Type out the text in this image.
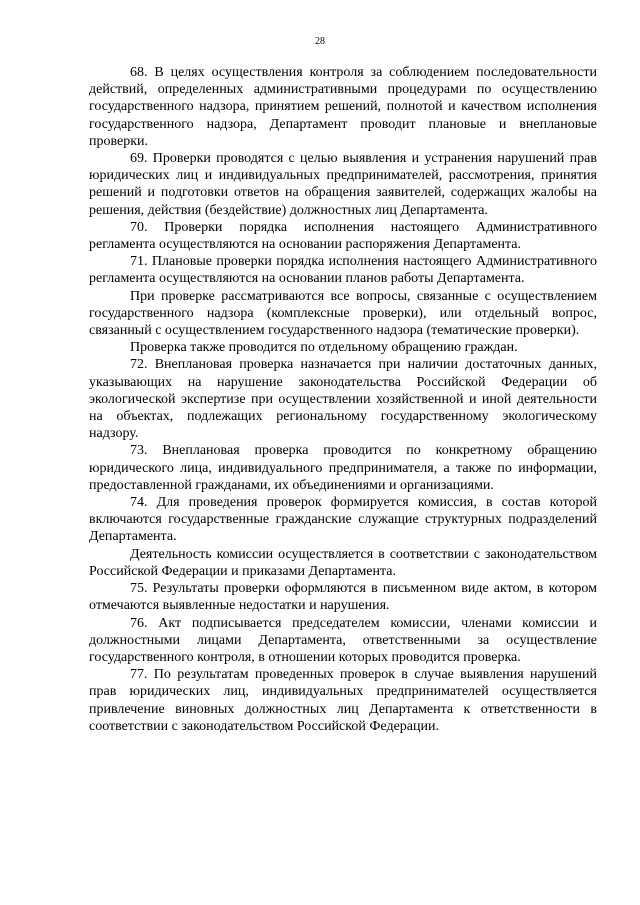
28

68. В целях осуществления контроля за соблюдением последовательности действий, определенных административными процедурами по осуществлению государственного надзора, принятием решений, полнотой и качеством исполнения государственного надзора, Департамент проводит плановые и внеплановые проверки.

69. Проверки проводятся с целью выявления и устранения нарушений прав юридических лиц и индивидуальных предпринимателей, рассмотрения, принятия решений и подготовки ответов на обращения заявителей, содержащих жалобы на решения, действия (бездействие) должностных лиц Департамента.

70. Проверки порядка исполнения настоящего Административного регламента осуществляются на основании распоряжения Департамента.

71. Плановые проверки порядка исполнения настоящего Административного регламента осуществляются на основании планов работы Департамента.

При проверке рассматриваются все вопросы, связанные с осуществлением государственного надзора (комплексные проверки), или отдельный вопрос, связанный с осуществлением государственного надзора (тематические проверки).

Проверка также проводится по отдельному обращению граждан.

72. Внеплановая проверка назначается при наличии достаточных данных, указывающих на нарушение законодательства Российской Федерации об экологической экспертизе при осуществлении хозяйственной и иной деятельности на объектах, подлежащих региональному государственному экологическому надзору.

73. Внеплановая проверка проводится по конкретному обращению юридического лица, индивидуального предпринимателя, а также по информации, предоставленной гражданами, их объединениями и организациями.

74. Для проведения проверок формируется комиссия, в состав которой включаются государственные гражданские служащие структурных подразделений Департамента.

Деятельность комиссии осуществляется в соответствии с законодательством Российской Федерации и приказами Департамента.

75. Результаты проверки оформляются в письменном виде актом, в котором отмечаются выявленные недостатки и нарушения.

76. Акт подписывается председателем комиссии, членами комиссии и должностными лицами Департамента, ответственными за осуществление государственного контроля, в отношении которых проводится проверка.

77. По результатам проведенных проверок в случае выявления нарушений прав юридических лиц, индивидуальных предпринимателей осуществляется привлечение виновных должностных лиц Департамента к ответственности в соответствии с законодательством Российской Федерации.
